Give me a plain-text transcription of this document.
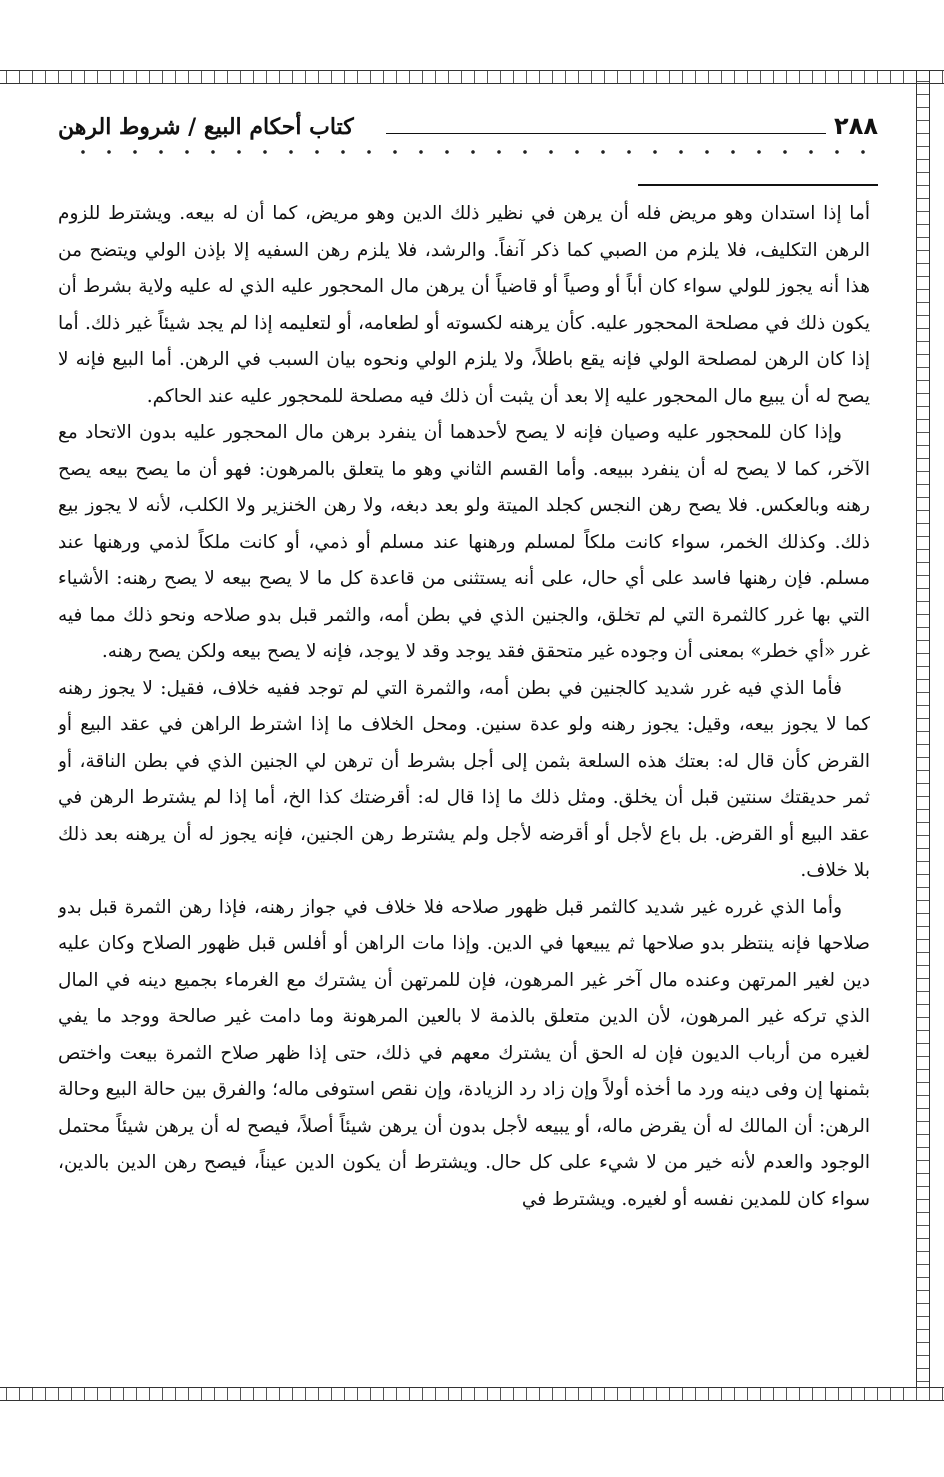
٢٨٨
كتاب أحكام البيع / شروط الرهن

أما إذا استدان وهو مريض فله أن يرهن في نظير ذلك الدين وهو مريض، كما أن له بيعه. ويشترط للزوم الرهن التكليف، فلا يلزم من الصبي كما ذكر آنفاً. والرشد، فلا يلزم رهن السفيه إلا بإذن الولي ويتضح من هذا أنه يجوز للولي سواء كان أباً أو وصياً أو قاضياً أن يرهن مال المحجور عليه الذي له عليه ولاية بشرط أن يكون ذلك في مصلحة المحجور عليه. كأن يرهنه لكسوته أو لطعامه، أو لتعليمه إذا لم يجد شيئاً غير ذلك. أما إذا كان الرهن لمصلحة الولي فإنه يقع باطلاً، ولا يلزم الولي ونحوه بيان السبب في الرهن. أما البيع فإنه لا يصح له أن يبيع مال المحجور عليه إلا بعد أن يثبت أن ذلك فيه مصلحة للمحجور عليه عند الحاكم.

وإذا كان للمحجور عليه وصيان فإنه لا يصح لأحدهما أن ينفرد برهن مال المحجور عليه بدون الاتحاد مع الآخر، كما لا يصح له أن ينفرد ببيعه. وأما القسم الثاني وهو ما يتعلق بالمرهون: فهو أن ما يصح بيعه يصح رهنه وبالعكس. فلا يصح رهن النجس كجلد الميتة ولو بعد دبغه، ولا رهن الخنزير ولا الكلب، لأنه لا يجوز بيع ذلك. وكذلك الخمر، سواء كانت ملكاً لمسلم ورهنها عند مسلم أو ذمي، أو كانت ملكاً لذمي ورهنها عند مسلم. فإن رهنها فاسد على أي حال، على أنه يستثنى من قاعدة كل ما لا يصح بيعه لا يصح رهنه: الأشياء التي بها غرر كالثمرة التي لم تخلق، والجنين الذي في بطن أمه، والثمر قبل بدو صلاحه ونحو ذلك مما فيه غرر «أي خطر» بمعنى أن وجوده غير متحقق فقد يوجد وقد لا يوجد، فإنه لا يصح بيعه ولكن يصح رهنه.

فأما الذي فيه غرر شديد كالجنين في بطن أمه، والثمرة التي لم توجد ففيه خلاف، فقيل: لا يجوز رهنه كما لا يجوز بيعه، وقيل: يجوز رهنه ولو عدة سنين. ومحل الخلاف ما إذا اشترط الراهن في عقد البيع أو القرض كأن قال له: بعتك هذه السلعة بثمن إلى أجل بشرط أن ترهن لي الجنين الذي في بطن الناقة، أو ثمر حديقتك سنتين قبل أن يخلق. ومثل ذلك ما إذا قال له: أقرضتك كذا الخ، أما إذا لم يشترط الرهن في عقد البيع أو القرض. بل باع لأجل أو أقرضه لأجل ولم يشترط رهن الجنين، فإنه يجوز له أن يرهنه بعد ذلك بلا خلاف.

وأما الذي غرره غير شديد كالثمر قبل ظهور صلاحه فلا خلاف في جواز رهنه، فإذا رهن الثمرة قبل بدو صلاحها فإنه ينتظر بدو صلاحها ثم يبيعها في الدين. وإذا مات الراهن أو أفلس قبل ظهور الصلاح وكان عليه دين لغير المرتهن وعنده مال آخر غير المرهون، فإن للمرتهن أن يشترك مع الغرماء بجميع دينه في المال الذي تركه غير المرهون، لأن الدين متعلق بالذمة لا بالعين المرهونة وما دامت غير صالحة ووجد ما يفي لغيره من أرباب الديون فإن له الحق أن يشترك معهم في ذلك، حتى إذا ظهر صلاح الثمرة بيعت واختص بثمنها إن وفى دينه ورد ما أخذه أولاً وإن زاد رد الزيادة، وإن نقص استوفى ماله؛ والفرق بين حالة البيع وحالة الرهن: أن المالك له أن يقرض ماله، أو يبيعه لأجل بدون أن يرهن شيئاً أصلاً، فيصح له أن يرهن شيئاً محتمل الوجود والعدم لأنه خير من لا شيء على كل حال. ويشترط أن يكون الدين عيناً، فيصح رهن الدين بالدين، سواء كان للمدين نفسه أو لغيره. ويشترط في
